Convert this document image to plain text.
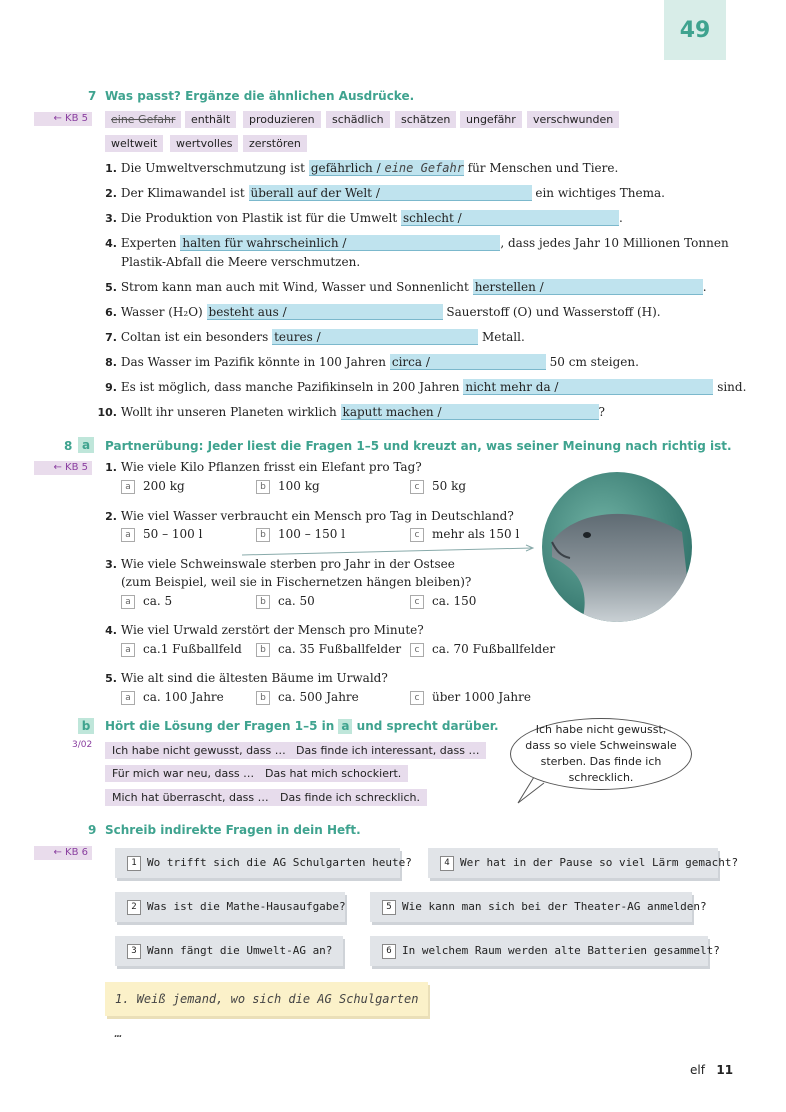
49
7 Was passt? Ergänze die ähnlichen Ausdrücke.
← KB 5	eine Gefahr	enthält	produzieren	schädlich	schätzen	ungefähr	verschwunden
weltweit	wertvolles	zerstören
1. Die Umweltverschmutzung ist gefährlich / eine Gefahr für Menschen und Tiere.
2. Der Klimawandel ist überall auf der Welt /	ein wichtiges Thema.
3. Die Produktion von Plastik ist für die Umwelt schlecht /	.
4. Experten halten für wahrscheinlich /	, dass jedes Jahr 10 Millionen Tonnen
Plastik-Abfall die Meere verschmutzen.
5. Strom kann man auch mit Wind, Wasser und Sonnenlicht herstellen /	.
6. Wasser (H₂O) besteht aus /	Sauerstoff (O) und Wasserstoff (H).
7. Coltan ist ein besonders teures /	Metall.
8. Das Wasser im Pazifik könnte in 100 Jahren circa /	50 cm steigen.
9. Es ist möglich, dass manche Pazifikinseln in 200 Jahren nicht mehr da /	sind.
10. Wollt ihr unseren Planeten wirklich kaputt machen /	?
8 a	Partnerübung: Jeder liest die Fragen 1–5 und kreuzt an, was seiner Meinung nach richtig ist.
← KB 5	1. Wie viele Kilo Pflanzen frisst ein Elefant pro Tag?
a 200 kg	b 100 kg	c 50 kg
2. Wie viel Wasser verbraucht ein Mensch pro Tag in Deutschland?
a 50 – 100 l	b 100 – 150 l	c mehr als 150 l
3. Wie viele Schweinswale sterben pro Jahr in der Ostsee
(zum Beispiel, weil sie in Fischernetzen hängen bleiben)?
a ca. 5	b ca. 50	c ca. 150
4. Wie viel Urwald zerstört der Mensch pro Minute?
a ca.1 Fußballfeld	b ca. 35 Fußballfelder	c ca. 70 Fußballfelder
5. Wie alt sind die ältesten Bäume im Urwald?
a ca. 100 Jahre	b ca. 500 Jahre	c über 1000 Jahre
b	Hört die Lösung der Fragen 1–5 in a und sprecht darüber.
3/02	Ich habe nicht gewusst, dass … Das finde ich interessant, dass …
Für mich war neu, dass … Das hat mich schockiert.
Mich hat überrascht, dass …	Das finde ich schrecklich.
Ich habe nicht gewusst,
dass so viele Schweinswale
sterben. Das finde ich
schrecklich.
9 Schreib indirekte Fragen in dein Heft.
← KB 6
1 Wo trifft sich die AG Schulgarten heute?	4 Wer hat in der Pause so viel Lärm gemacht?
2 Was ist die Mathe-Hausaufgabe?	5 Wie kann man sich bei der Theater-AG anmelden?
3 Wann fängt die Umwelt-AG an?	6 In welchem Raum werden alte Batterien gesammelt?
1. Weiß jemand, wo sich die AG Schulgarten …
elf 11
